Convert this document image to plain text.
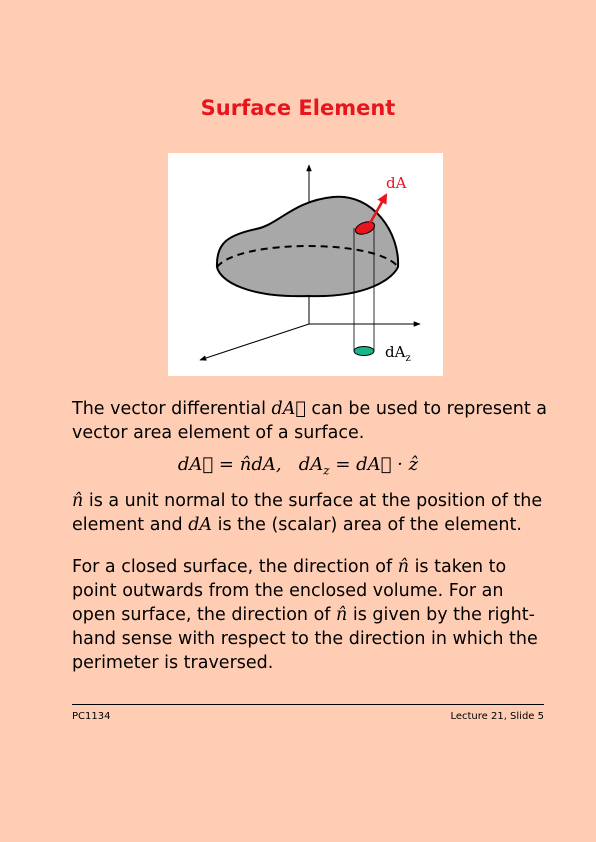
Surface Element
dA
$dA_z$

The vector differential dA⃗ can be used to represent a vector area element of a surface.

dA⃗ = n̂dA,   $dA_z$ = dA⃗ · ẑ

n̂ is a unit normal to the surface at the position of the element and dA is the (scalar) area of the element.

For a closed surface, the direction of n̂ is taken to point outwards from the enclosed volume. For an open surface, the direction of n̂ is given by the right-hand sense with respect to the direction in which the perimeter is traversed.

PC1134	Lecture 21, Slide 5
